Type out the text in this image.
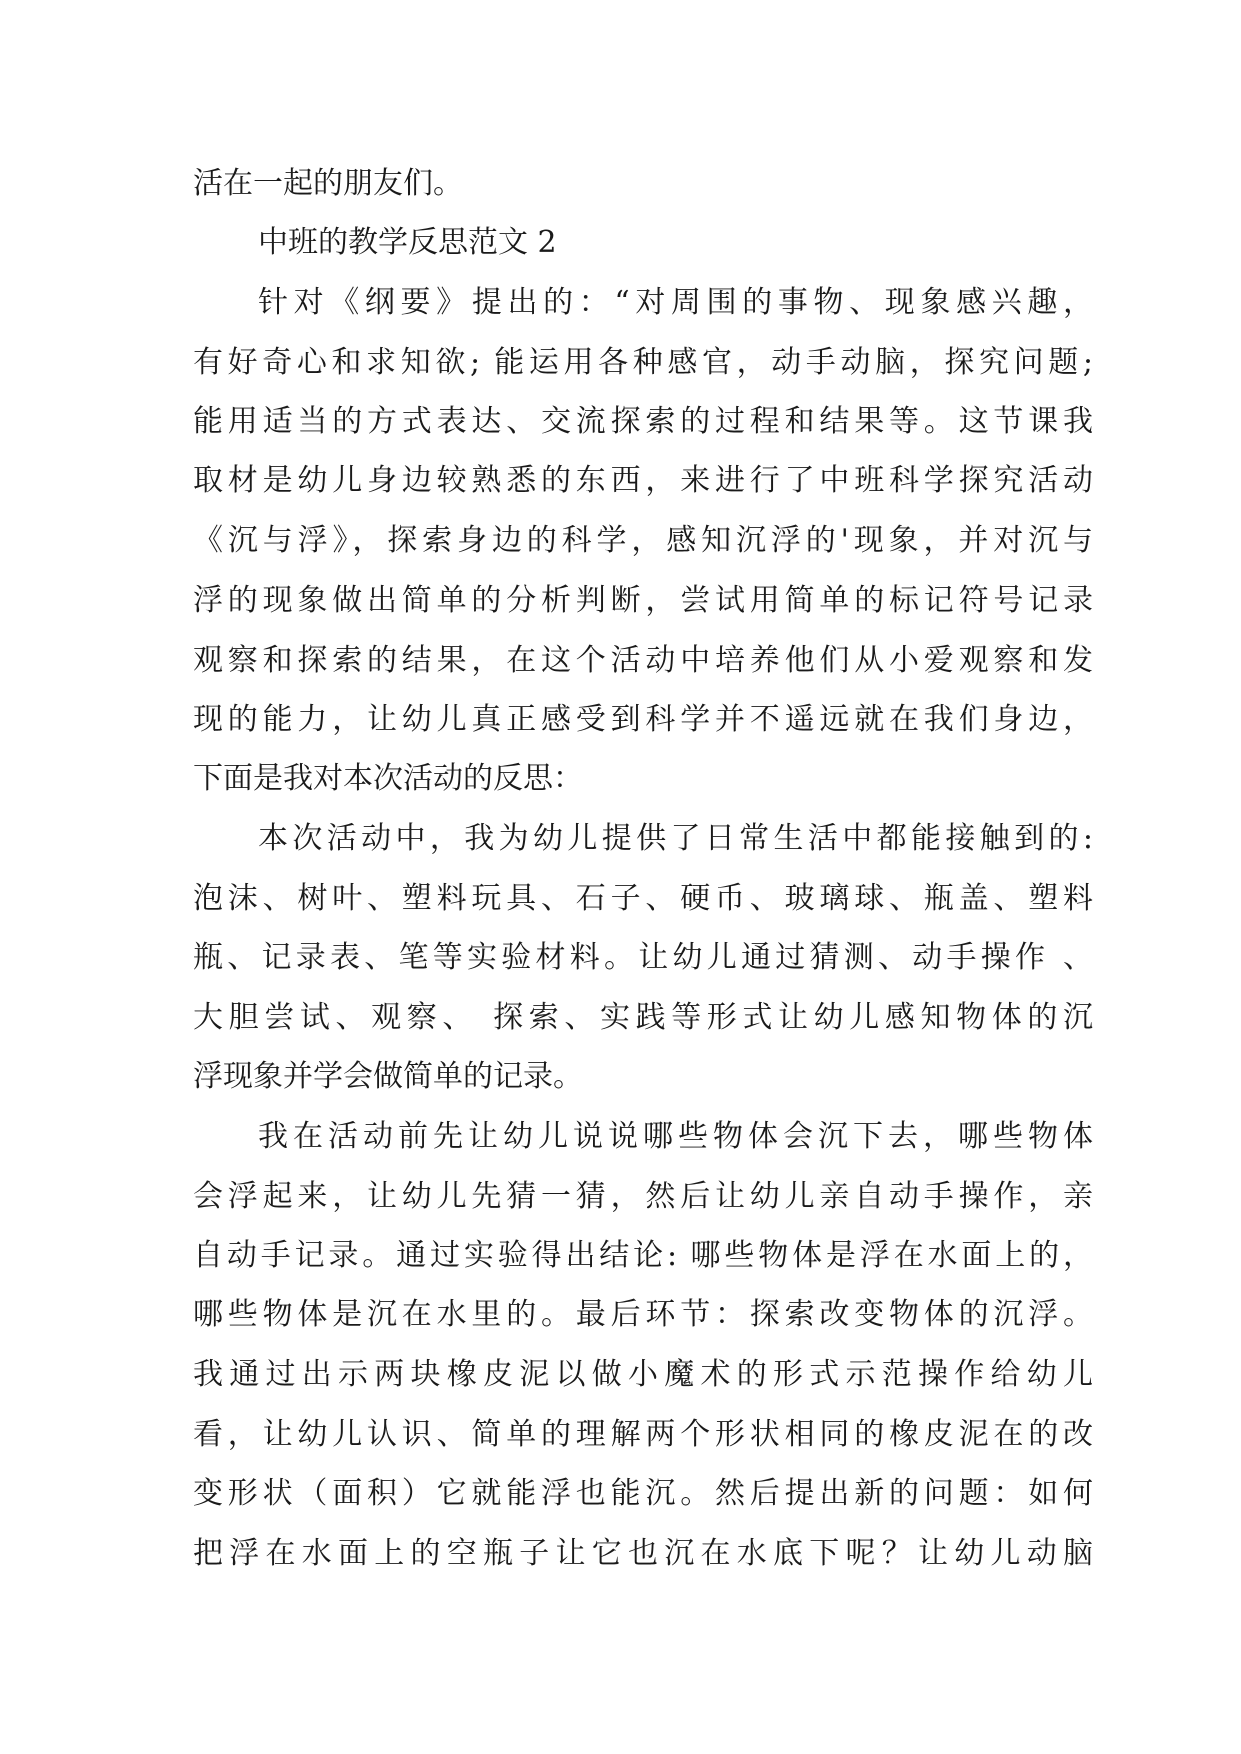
活在一起的朋友们。
中班的教学反思范文 2
针对《纲要》提出的：“对周围的事物、现象感兴趣，
有好奇心和求知欲; 能运用各种感官，动手动脑，探究问题;
能用适当的方式表达、交流探索的过程和结果等。这节课我
取材是幼儿身边较熟悉的东西，来进行了中班科学探究活动
《沉与浮》，探索身边的科学，感知沉浮的'现象，并对沉与
浮的现象做出简单的分析判断，尝试用简单的标记符号记录
观察和探索的结果，在这个活动中培养他们从小爱观察和发
现的能力，让幼儿真正感受到科学并不遥远就在我们身边，
下面是我对本次活动的反思：
本次活动中，我为幼儿提供了日常生活中都能接触到的:
泡沫、树叶、塑料玩具、石子、硬币、玻璃球、瓶盖、塑料
瓶、记录表、笔等实验材料。让幼儿通过猜测、动手操作 、
大胆尝试、观察、 探索、实践等形式让幼儿感知物体的沉
浮现象并学会做简单的记录。
我在活动前先让幼儿说说哪些物体会沉下去，哪些物体
会浮起来，让幼儿先猜一猜，然后让幼儿亲自动手操作，亲
自动手记录。通过实验得出结论: 哪些物体是浮在水面上的，
哪些物体是沉在水里的。最后环节：探索改变物体的沉浮。
我通过出示两块橡皮泥以做小魔术的形式示范操作给幼儿
看，让幼儿认识、简单的理解两个形状相同的橡皮泥在的改
变形状（面积）它就能浮也能沉。然后提出新的问题：如何
把浮在水面上的空瓶子让它也沉在水底下呢？让幼儿动脑
